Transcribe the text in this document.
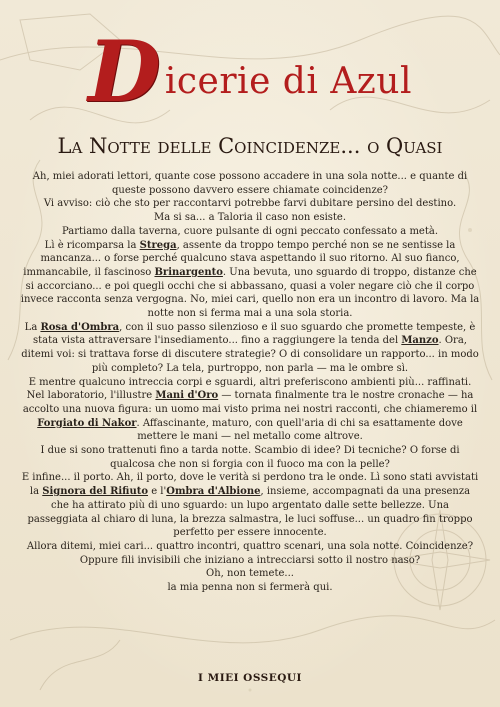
D icerie di Azul
La Notte delle Coincidenze... o Quasi

Ah, miei adorati lettori, quante cose possono accadere in una sola notte... e quante di queste possono davvero essere chiamate coincidenze?

Vi avviso: ciò che sto per raccontarvi potrebbe farvi dubitare persino del destino.

Ma si sa... a Taloria il caso non esiste.

Partiamo dalla taverna, cuore pulsante di ogni peccato confessato a metà.

Lì è ricomparsa la Strega, assente da troppo tempo perché non se ne sentisse la mancanza... o forse perché qualcuno stava aspettando il suo ritorno. Al suo fianco, immancabile, il fascinoso Brinargento. Una bevuta, uno sguardo di troppo, distanze che si accorciano... e poi quegli occhi che si abbassano, quasi a voler negare ciò che il corpo invece racconta senza vergogna. No, miei cari, quello non era un incontro di lavoro. Ma la notte non si ferma mai a una sola storia.

La Rosa d'Ombra, con il suo passo silenzioso e il suo sguardo che promette tempeste, è stata vista attraversare l'insediamento... fino a raggiungere la tenda del Manzo. Ora, ditemi voi: si trattava forse di discutere strategie? O di consolidare un rapporto... in modo più completo? La tela, purtroppo, non parla — ma le ombre sì.

E mentre qualcuno intreccia corpi e sguardi, altri preferiscono ambienti più... raffinati. Nel laboratorio, l'illustre Mani d'Oro — tornata finalmente tra le nostre cronache — ha accolto una nuova figura: un uomo mai visto prima nei nostri racconti, che chiameremo il Forgiato di Nakor. Affascinante, maturo, con quell'aria di chi sa esattamente dove mettere le mani — nel metallo come altrove.

I due si sono trattenuti fino a tarda notte. Scambio di idee? Di tecniche? O forse di qualcosa che non si forgia con il fuoco ma con la pelle?

E infine... il porto. Ah, il porto, dove le verità si perdono tra le onde. Lì sono stati avvistati la Signora del Rifiuto e l'Ombra d'Albione, insieme, accompagnati da una presenza che ha attirato più di uno sguardo: un lupo argentato dalle sette bellezze. Una passeggiata al chiaro di luna, la brezza salmastra, le luci soffuse... un quadro fin troppo perfetto per essere innocente.

Allora ditemi, miei cari... quattro incontri, quattro scenari, una sola notte. Coincidenze?

Oppure fili invisibili che iniziano a intrecciarsi sotto il nostro naso?

Oh, non temete...

la mia penna non si fermerà qui.

I MIEI OSSEQUI
